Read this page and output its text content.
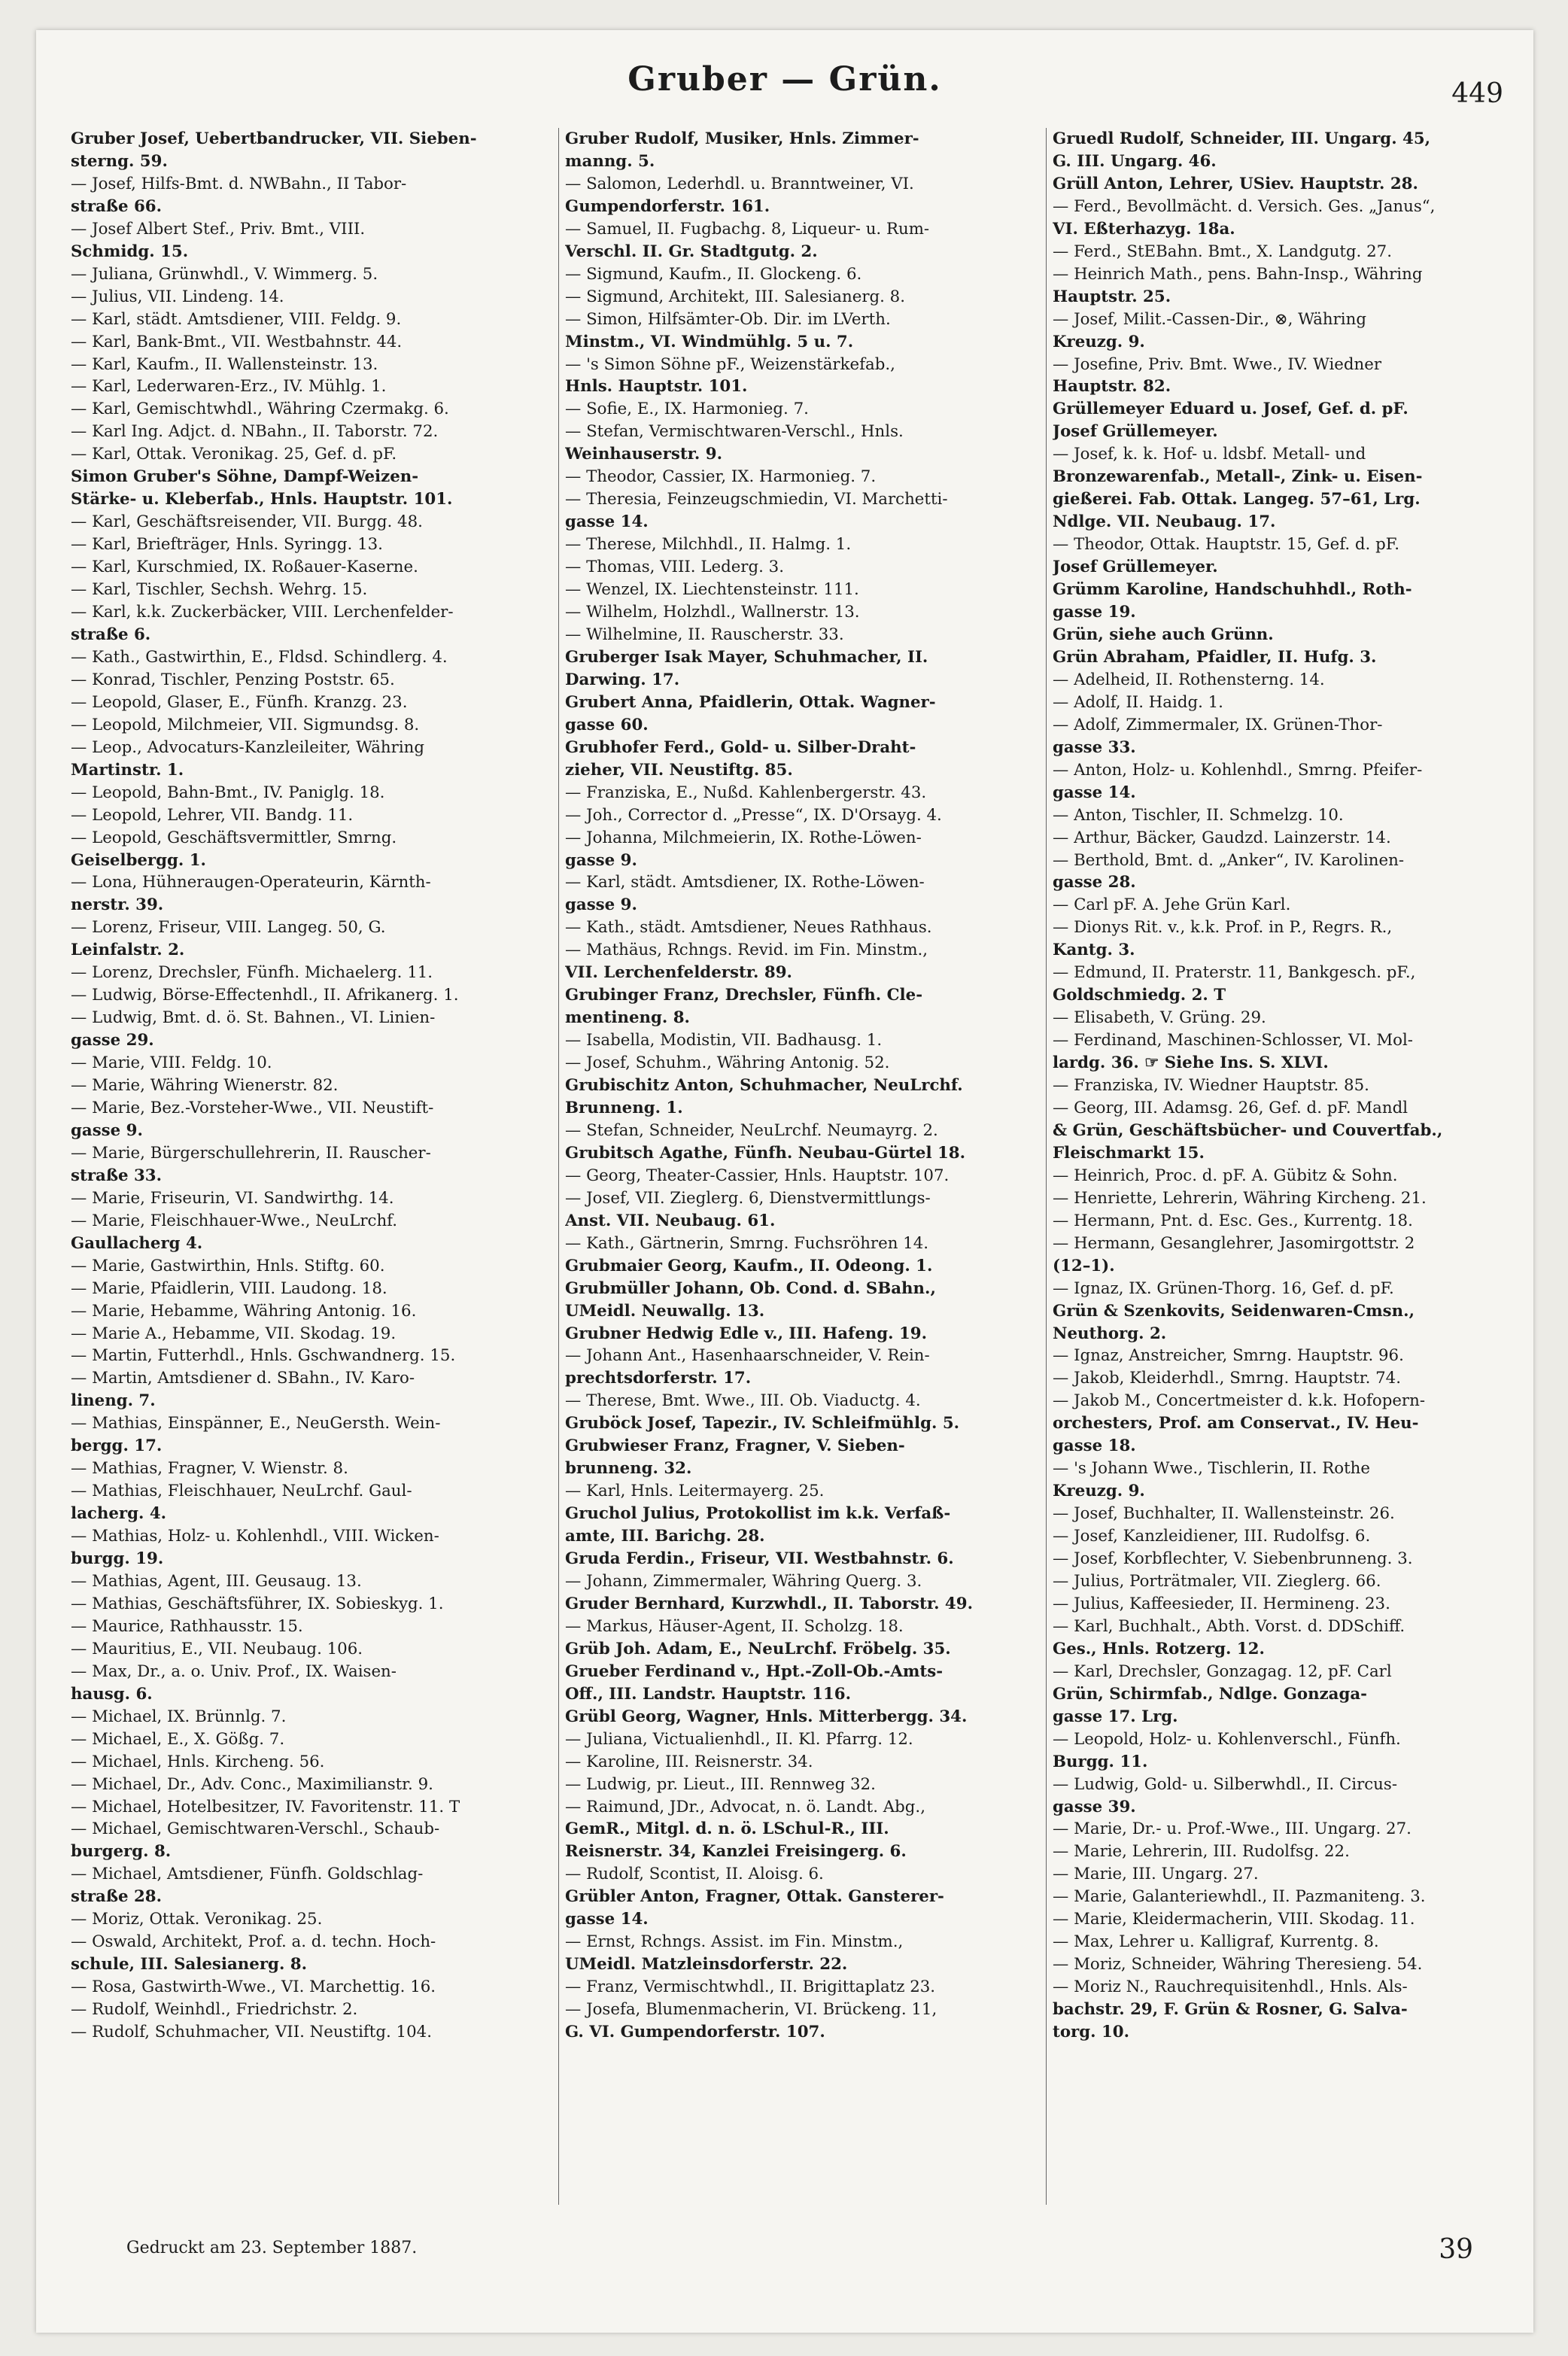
Gruber — Grün.	449
Gruber Josef, Uebertbandrucker, VII. Sieben-
sterng. 59.
— Josef, Hilfs-Bmt. d. NWBahn., II Tabor-
straße 66.
— Josef Albert Stef., Priv. Bmt., VIII.
Schmidg. 15.
— Juliana, Grünwhdl., V. Wimmerg. 5.
— Julius, VII. Lindeng. 14.
— Karl, städt. Amtsdiener, VIII. Feldg. 9.
— Karl, Bank-Bmt., VII. Westbahnstr. 44.
— Karl, Kaufm., II. Wallensteinstr. 13.
— Karl, Lederwaren-Erz., IV. Mühlg. 1.
— Karl, Gemischtwhdl., Währing Czermakg. 6.
— Karl Ing. Adjct. d. NBahn., II. Taborstr. 72.
— Karl, Ottak. Veronikag. 25, Gef. d. pF.
Simon Gruber's Söhne, Dampf-Weizen-
Stärke- u. Kleberfab., Hnls. Hauptstr. 101.
— Karl, Geschäftsreisender, VII. Burgg. 48.
— Karl, Briefträger, Hnls. Syringg. 13.
— Karl, Kurschmied, IX. Roßauer-Kaserne.
— Karl, Tischler, Sechsh. Wehrg. 15.
— Karl, k.k. Zuckerbäcker, VIII. Lerchenfelder-
straße 6.
— Kath., Gastwirthin, E., Fldsd. Schindlerg. 4.
— Konrad, Tischler, Penzing Poststr. 65.
— Leopold, Glaser, E., Fünfh. Kranzg. 23.
— Leopold, Milchmeier, VII. Sigmundsg. 8.
— Leop., Advocaturs-Kanzleileiter, Währing
Martinstr. 1.
— Leopold, Bahn-Bmt., IV. Paniglg. 18.
— Leopold, Lehrer, VII. Bandg. 11.
— Leopold, Geschäftsvermittler, Smrng.
Geiselbergg. 1.
— Lona, Hühneraugen-Operateurin, Kärnth-
nerstr. 39.
— Lorenz, Friseur, VIII. Langeg. 50, G.
Leinfalstr. 2.
— Lorenz, Drechsler, Fünfh. Michaelerg. 11.
— Ludwig, Börse-Effectenhdl., II. Afrikanerg. 1.
— Ludwig, Bmt. d. ö. St. Bahnen., VI. Linien-
gasse 29.
— Marie, VIII. Feldg. 10.
— Marie, Währing Wienerstr. 82.
— Marie, Bez.-Vorsteher-Wwe., VII. Neustift-
gasse 9.
— Marie, Bürgerschullehrerin, II. Rauscher-
straße 33.
— Marie, Friseurin, VI. Sandwirthg. 14.
— Marie, Fleischhauer-Wwe., NeuLrchf.
Gaullacherg 4.
— Marie, Gastwirthin, Hnls. Stiftg. 60.
— Marie, Pfaidlerin, VIII. Laudong. 18.
— Marie, Hebamme, Währing Antonig. 16.
— Marie A., Hebamme, VII. Skodag. 19.
— Martin, Futterhdl., Hnls. Gschwandnerg. 15.
— Martin, Amtsdiener d. SBahn., IV. Karo-
lineng. 7.
— Mathias, Einspänner, E., NeuGersth. Wein-
bergg. 17.
— Mathias, Fragner, V. Wienstr. 8.
— Mathias, Fleischhauer, NeuLrchf. Gaul-
lacherg. 4.
— Mathias, Holz- u. Kohlenhdl., VIII. Wicken-
burgg. 19.
— Mathias, Agent, III. Geusaug. 13.
— Mathias, Geschäftsführer, IX. Sobieskyg. 1.
— Maurice, Rathhausstr. 15.
— Mauritius, E., VII. Neubaug. 106.
— Max, Dr., a. o. Univ. Prof., IX. Waisen-
hausg. 6.
— Michael, IX. Brünnlg. 7.
— Michael, E., X. Gößg. 7.
— Michael, Hnls. Kircheng. 56.
— Michael, Dr., Adv. Conc., Maximilianstr. 9.
— Michael, Hotelbesitzer, IV. Favoritenstr. 11. T
— Michael, Gemischtwaren-Verschl., Schaub-
burgerg. 8.
— Michael, Amtsdiener, Fünfh. Goldschlag-
straße 28.
— Moriz, Ottak. Veronikag. 25.
— Oswald, Architekt, Prof. a. d. techn. Hoch-
schule, III. Salesianerg. 8.
— Rosa, Gastwirth-Wwe., VI. Marchettig. 16.
— Rudolf, Weinhdl., Friedrichstr. 2.
— Rudolf, Schuhmacher, VII. Neustiftg. 104.
Gruber Rudolf, Musiker, Hnls. Zimmer-
manng. 5.
— Salomon, Lederhdl. u. Branntweiner, VI.
Gumpendorferstr. 161.
— Samuel, II. Fugbachg. 8, Liqueur- u. Rum-
Verschl. II. Gr. Stadtgutg. 2.
— Sigmund, Kaufm., II. Glockeng. 6.
— Sigmund, Architekt, III. Salesianerg. 8.
— Simon, Hilfsämter-Ob. Dir. im LVerth.
Minstm., VI. Windmühlg. 5 u. 7.
— 's Simon Söhne pF., Weizenstärkefab.,
Hnls. Hauptstr. 101.
— Sofie, E., IX. Harmonieg. 7.
— Stefan, Vermischtwaren-Verschl., Hnls.
Weinhauserstr. 9.
— Theodor, Cassier, IX. Harmonieg. 7.
— Theresia, Feinzeugschmiedin, VI. Marchetti-
gasse 14.
— Therese, Milchhdl., II. Halmg. 1.
— Thomas, VIII. Lederg. 3.
— Wenzel, IX. Liechtensteinstr. 111.
— Wilhelm, Holzhdl., Wallnerstr. 13.
— Wilhelmine, II. Rauscherstr. 33.
Gruberger Isak Mayer, Schuhmacher, II.
Darwing. 17.
Grubert Anna, Pfaidlerin, Ottak. Wagner-
gasse 60.
Grubhofer Ferd., Gold- u. Silber-Draht-
zieher, VII. Neustiftg. 85.
— Franziska, E., Nußd. Kahlenbergerstr. 43.
— Joh., Corrector d. „Presse“, IX. D'Orsayg. 4.
— Johanna, Milchmeierin, IX. Rothe-Löwen-
gasse 9.
— Karl, städt. Amtsdiener, IX. Rothe-Löwen-
gasse 9.
— Kath., städt. Amtsdiener, Neues Rathhaus.
— Mathäus, Rchngs. Revid. im Fin. Minstm.,
VII. Lerchenfelderstr. 89.
Grubinger Franz, Drechsler, Fünfh. Cle-
mentineng. 8.
— Isabella, Modistin, VII. Badhausg. 1.
— Josef, Schuhm., Währing Antonig. 52.
Grubischitz Anton, Schuhmacher, NeuLrchf.
Brunneng. 1.
— Stefan, Schneider, NeuLrchf. Neumayrg. 2.
Grubitsch Agathe, Fünfh. Neubau-Gürtel 18.
— Georg, Theater-Cassier, Hnls. Hauptstr. 107.
— Josef, VII. Zieglerg. 6, Dienstvermittlungs-
Anst. VII. Neubaug. 61.
— Kath., Gärtnerin, Smrng. Fuchsröhren 14.
Grubmaier Georg, Kaufm., II. Odeong. 1.
Grubmüller Johann, Ob. Cond. d. SBahn.,
UMeidl. Neuwallg. 13.
Grubner Hedwig Edle v., III. Hafeng. 19.
— Johann Ant., Hasenhaarschneider, V. Rein-
prechtsdorferstr. 17.
— Therese, Bmt. Wwe., III. Ob. Viaductg. 4.
Gruböck Josef, Tapezir., IV. Schleifmühlg. 5.
Grubwieser Franz, Fragner, V. Sieben-
brunneng. 32.
— Karl, Hnls. Leitermayerg. 25.
Gruchol Julius, Protokollist im k.k. Verfaß-
amte, III. Barichg. 28.
Gruda Ferdin., Friseur, VII. Westbahnstr. 6.
— Johann, Zimmermaler, Währing Querg. 3.
Gruder Bernhard, Kurzwhdl., II. Taborstr. 49.
— Markus, Häuser-Agent, II. Scholzg. 18.
Grüb Joh. Adam, E., NeuLrchf. Fröbelg. 35.
Grueber Ferdinand v., Hpt.-Zoll-Ob.-Amts-
Off., III. Landstr. Hauptstr. 116.
Grübl Georg, Wagner, Hnls. Mitterbergg. 34.
— Juliana, Victualienhdl., II. Kl. Pfarrg. 12.
— Karoline, III. Reisnerstr. 34.
— Ludwig, pr. Lieut., III. Rennweg 32.
— Raimund, JDr., Advocat, n. ö. Landt. Abg.,
GemR., Mitgl. d. n. ö. LSchul-R., III.
Reisnerstr. 34, Kanzlei Freisingerg. 6.
— Rudolf, Scontist, II. Aloisg. 6.
Grübler Anton, Fragner, Ottak. Gansterer-
gasse 14.
— Ernst, Rchngs. Assist. im Fin. Minstm.,
UMeidl. Matzleinsdorferstr. 22.
— Franz, Vermischtwhdl., II. Brigittaplatz 23.
— Josefa, Blumenmacherin, VI. Brückeng. 11,
G. VI. Gumpendorferstr. 107.
Gruedl Rudolf, Schneider, III. Ungarg. 45,
G. III. Ungarg. 46.
Grüll Anton, Lehrer, USiev. Hauptstr. 28.
— Ferd., Bevollmächt. d. Versich. Ges. „Janus“,
VI. Eßterhazyg. 18a.
— Ferd., StEBahn. Bmt., X. Landgutg. 27.
— Heinrich Math., pens. Bahn-Insp., Währing
Hauptstr. 25.
— Josef, Milit.-Cassen-Dir., ⊗, Währing
Kreuzg. 9.
— Josefine, Priv. Bmt. Wwe., IV. Wiedner
Hauptstr. 82.
Grüllemeyer Eduard u. Josef, Gef. d. pF.
Josef Grüllemeyer.
— Josef, k. k. Hof- u. ldsbf. Metall- und
Bronzewarenfab., Metall-, Zink- u. Eisen-
gießerei. Fab. Ottak. Langeg. 57–61, Lrg.
Ndlge. VII. Neubaug. 17.
— Theodor, Ottak. Hauptstr. 15, Gef. d. pF.
Josef Grüllemeyer.
Grümm Karoline, Handschuhhdl., Roth-
gasse 19.
Grün, siehe auch Grünn.
Grün Abraham, Pfaidler, II. Hufg. 3.
— Adelheid, II. Rothensterng. 14.
— Adolf, II. Haidg. 1.
— Adolf, Zimmermaler, IX. Grünen-Thor-
gasse 33.
— Anton, Holz- u. Kohlenhdl., Smrng. Pfeifer-
gasse 14.
— Anton, Tischler, II. Schmelzg. 10.
— Arthur, Bäcker, Gaudzd. Lainzerstr. 14.
— Berthold, Bmt. d. „Anker“, IV. Karolinen-
gasse 28.
— Carl pF. A. Jehe Grün Karl.
— Dionys Rit. v., k.k. Prof. in P., Regrs. R.,
Kantg. 3.
— Edmund, II. Praterstr. 11, Bankgesch. pF.,
Goldschmiedg. 2. T
— Elisabeth, V. Grüng. 29.
— Ferdinand, Maschinen-Schlosser, VI. Mol-
lardg. 36. ☞ Siehe Ins. S. XLVI.
— Franziska, IV. Wiedner Hauptstr. 85.
— Georg, III. Adamsg. 26, Gef. d. pF. Mandl
& Grün, Geschäftsbücher- und Couvertfab.,
Fleischmarkt 15.
— Heinrich, Proc. d. pF. A. Gübitz & Sohn.
— Henriette, Lehrerin, Währing Kircheng. 21.
— Hermann, Pnt. d. Esc. Ges., Kurrentg. 18.
— Hermann, Gesanglehrer, Jasomirgottstr. 2
(12–1).
— Ignaz, IX. Grünen-Thorg. 16, Gef. d. pF.
Grün & Szenkovits, Seidenwaren-Cmsn.,
Neuthorg. 2.
— Ignaz, Anstreicher, Smrng. Hauptstr. 96.
— Jakob, Kleiderhdl., Smrng. Hauptstr. 74.
— Jakob M., Concertmeister d. k.k. Hofopern-
orchesters, Prof. am Conservat., IV. Heu-
gasse 18.
— 's Johann Wwe., Tischlerin, II. Rothe
Kreuzg. 9.
— Josef, Buchhalter, II. Wallensteinstr. 26.
— Josef, Kanzleidiener, III. Rudolfsg. 6.
— Josef, Korbflechter, V. Siebenbrunneng. 3.
— Julius, Porträtmaler, VII. Zieglerg. 66.
— Julius, Kaffeesieder, II. Hermineng. 23.
— Karl, Buchhalt., Abth. Vorst. d. DDSchiff.
Ges., Hnls. Rotzerg. 12.
— Karl, Drechsler, Gonzagag. 12, pF. Carl
Grün, Schirmfab., Ndlge. Gonzaga-
gasse 17. Lrg.
— Leopold, Holz- u. Kohlenverschl., Fünfh.
Burgg. 11.
— Ludwig, Gold- u. Silberwhdl., II. Circus-
gasse 39.
— Marie, Dr.- u. Prof.-Wwe., III. Ungarg. 27.
— Marie, Lehrerin, III. Rudolfsg. 22.
— Marie, III. Ungarg. 27.
— Marie, Galanteriewhdl., II. Pazmaniteng. 3.
— Marie, Kleidermacherin, VIII. Skodag. 11.
— Max, Lehrer u. Kalligraf, Kurrentg. 8.
— Moriz, Schneider, Währing Theresieng. 54.
— Moriz N., Rauchrequisitenhdl., Hnls. Als-
bachstr. 29, F. Grün & Rosner, G. Salva-
torg. 10.
Gedruckt am 23. September 1887.	39
